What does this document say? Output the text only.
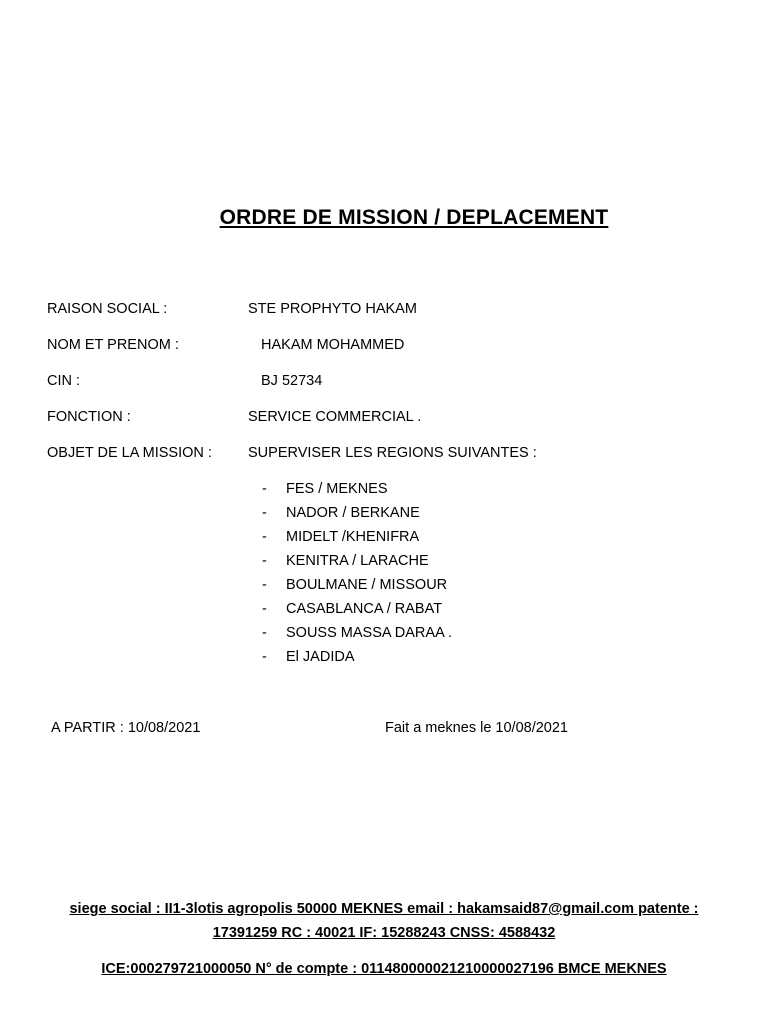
ORDRE DE MISSION / DEPLACEMENT
RAISON SOCIAL :	STE PROPHYTO HAKAM
NOM ET PRENOM :	HAKAM MOHAMMED
CIN :	BJ 52734
FONCTION :	SERVICE COMMERCIAL .
OBJET DE LA MISSION : SUPERVISER LES REGIONS SUIVANTES :
- FES / MEKNES
- NADOR / BERKANE
- MIDELT /KHENIFRA
- KENITRA / LARACHE
- BOULMANE / MISSOUR
- CASABLANCA / RABAT
- SOUSS MASSA DARAA .
- El JADIDA
A PARTIR : 10/08/2021	Fait a meknes le 10/08/2021
siege social : II1-3lotis agropolis 50000 MEKNES email : hakamsaid87@gmail.com patente :
17391259 RC : 40021 IF: 15288243 CNSS: 4588432
ICE:000279721000050 N° de compte : 011480000021210000027196 BMCE MEKNES
